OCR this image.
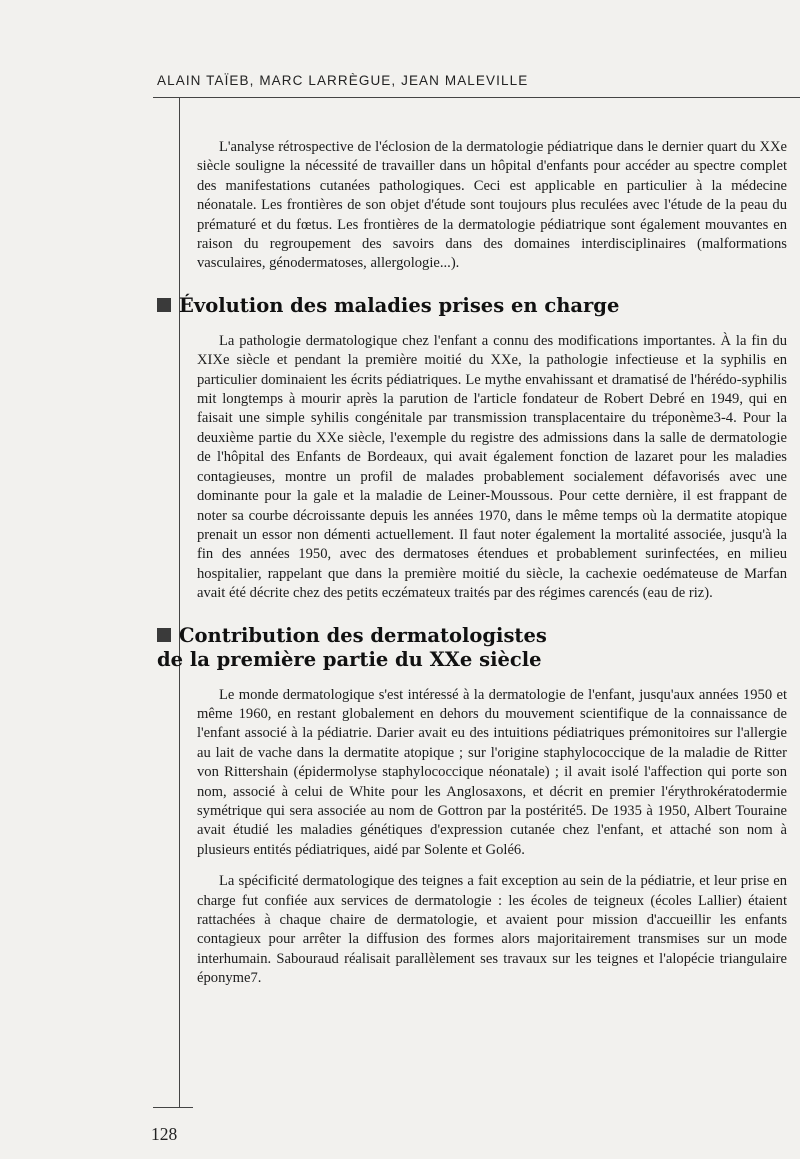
ALAIN TAÏEB, MARC LARRÈGUE, JEAN MALEVILLE

L'analyse rétrospective de l'éclosion de la dermatologie pédiatrique dans le dernier quart du XXe siècle souligne la nécessité de travailler dans un hôpital d'enfants pour accéder au spectre complet des manifestations cutanées pathologiques. Ceci est applicable en particulier à la médecine néonatale. Les frontières de son objet d'étude sont toujours plus reculées avec l'étude de la peau du prématuré et du fœtus. Les frontières de la dermatologie pédiatrique sont également mouvantes en raison du regroupement des savoirs dans des domaines interdisciplinaires (malformations vasculaires, génodermatoses, allergologie...).

Évolution des maladies prises en charge

La pathologie dermatologique chez l'enfant a connu des modifications importantes. À la fin du XIXe siècle et pendant la première moitié du XXe, la pathologie infectieuse et la syphilis en particulier dominaient les écrits pédiatriques. Le mythe envahissant et dramatisé de l'hérédo-syphilis mit longtemps à mourir après la parution de l'article fondateur de Robert Debré en 1949, qui en faisait une simple syhilis congénitale par transmission transplacentaire du tréponème3-4. Pour la deuxième partie du XXe siècle, l'exemple du registre des admissions dans la salle de dermatologie de l'hôpital des Enfants de Bordeaux, qui avait également fonction de lazaret pour les maladies contagieuses, montre un profil de malades probablement socialement défavorisés avec une dominante pour la gale et la maladie de Leiner-Moussous. Pour cette dernière, il est frappant de noter sa courbe décroissante depuis les années 1970, dans le même temps où la dermatite atopique prenait un essor non démenti actuellement. Il faut noter également la mortalité associée, jusqu'à la fin des années 1950, avec des dermatoses étendues et probablement surinfectées, en milieu hospitalier, rappelant que dans la première moitié du siècle, la cachexie oedémateuse de Marfan avait été décrite chez des petits eczémateux traités par des régimes carencés (eau de riz).

Contribution des dermatologistes
de la première partie du XXe siècle

Le monde dermatologique s'est intéressé à la dermatologie de l'enfant, jusqu'aux années 1950 et même 1960, en restant globalement en dehors du mouvement scientifique de la connaissance de l'enfant associé à la pédiatrie. Darier avait eu des intuitions pédiatriques prémonitoires sur l'allergie au lait de vache dans la dermatite atopique ; sur l'origine staphylococcique de la maladie de Ritter von Rittershain (épidermolyse staphylococcique néonatale) ; il avait isolé l'affection qui porte son nom, associé à celui de White pour les Anglosaxons, et décrit en premier l'érythrokératodermie symétrique qui sera associée au nom de Gottron par la postérité5. De 1935 à 1950, Albert Touraine avait étudié les maladies génétiques d'expression cutanée chez l'enfant, et attaché son nom à plusieurs entités pédiatriques, aidé par Solente et Golé6.

La spécificité dermatologique des teignes a fait exception au sein de la pédiatrie, et leur prise en charge fut confiée aux services de dermatologie : les écoles de teigneux (écoles Lallier) étaient rattachées à chaque chaire de dermatologie, et avaient pour mission d'accueillir les enfants contagieux pour arrêter la diffusion des formes alors majoritairement transmises sur un mode interhumain. Sabouraud réalisait parallèlement ses travaux sur les teignes et l'alopécie triangulaire éponyme7.

128
